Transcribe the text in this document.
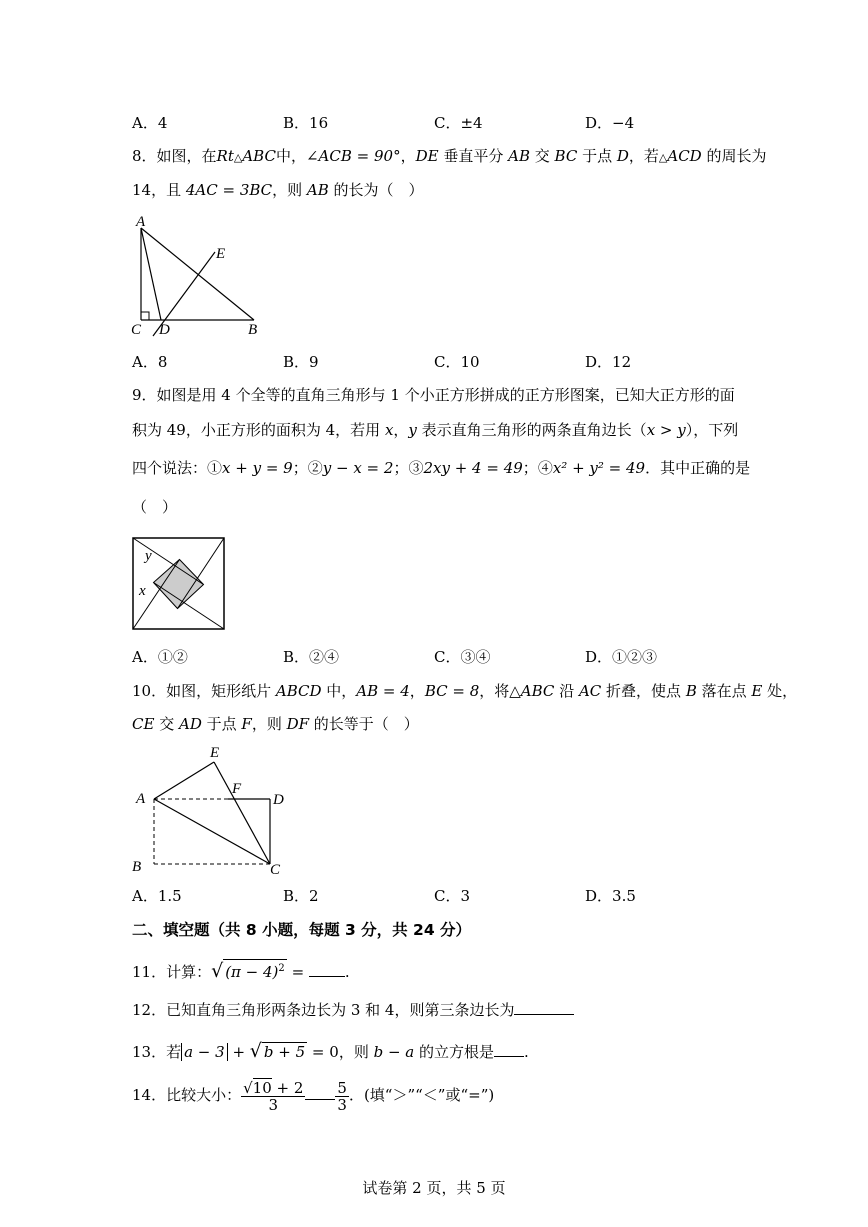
A．4	B．16	C．±4	D．−4
8．如图，在Rt△ABC中，∠ACB = 90°，DE 垂直平分 AB 交 BC 于点 D，若△ACD 的周长为
14，且 4AC = 3BC，则 AB 的长为（　）
A
E
C D	B
A．8	B．9	C．10	D．12
9．如图是用 4 个全等的直角三角形与 1 个小正方形拼成的正方形图案，已知大正方形的面
积为 49，小正方形的面积为 4，若用 x，y 表示直角三角形的两条直角边长（x > y），下列
四个说法：①x + y = 9；②y − x = 2；③2xy + 4 = 49；④x² + y² = 49．其中正确的是
（　）
y
x
A．①②	B．②④	C．③④	D．①②③
10．如图，矩形纸片 ABCD 中，AB = 4，BC = 8，将△ABC 沿 AC 折叠，使点 B 落在点 E 处，
CE 交 AD 于点 F，则 DF 的长等于（　）
A
E
F
D
B	C
A．1.5	B．2	C．3	D．3.5
二、填空题（共 8 小题，每题 3 分，共 24 分）
11．计算：√ $(\pi - 4)^2$ = .
12．已知直角三角形两条边长为 3 和 4，则第三条边长为
13．若 a − 3 + √ b + 5 = 0，则 b − a 的立方根是 .
14．比较大小： $\frac{√10 + 2}{3} \frac{5}{3}$ ．(填“＞”“＜”或“=”)
试卷第 2 页，共 5 页
